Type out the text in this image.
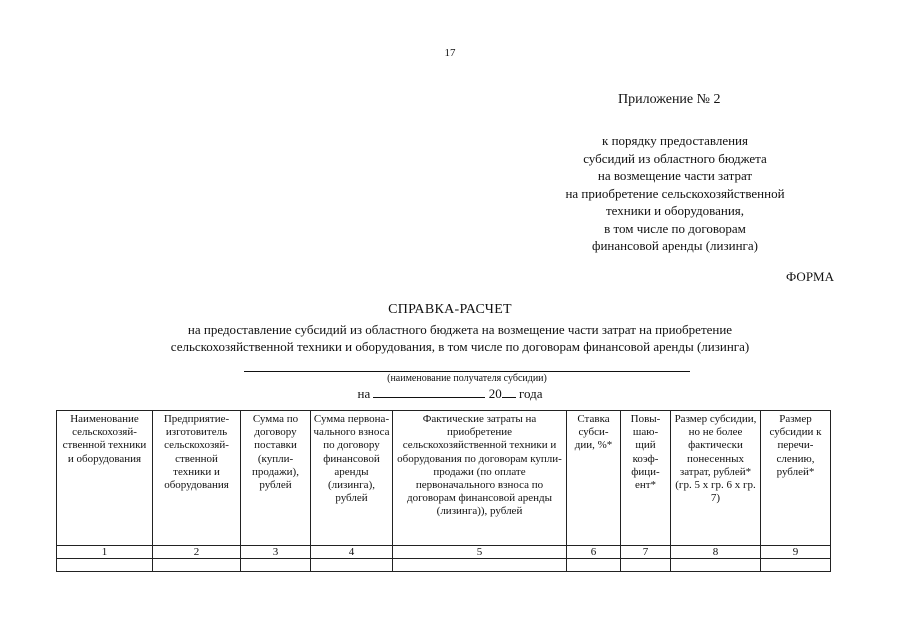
17
Приложение № 2
к порядку предоставления
субсидий из областного бюджета
на возмещение части затрат
на приобретение сельскохозяйственной
техники и оборудования,
в том числе по договорам
финансовой аренды (лизинга)
ФОРМА
СПРАВКА-РАСЧЕТ
на предоставление субсидий из областного бюджета на возмещение части затрат на приобретение
сельскохозяйственной техники и оборудования, в том числе по договорам финансовой аренды (лизинга)
(наименование получателя субсидии)
на	20 года
Наименование сельскохозяй-ственной техники и оборудования	Предприятие-изготовитель сельскохозяй-ственной техники и оборудования	Сумма по договору поставки (купли-продажи), рублей	Сумма первона-чального взноса по договору финансовой аренды (лизинга), рублей	Фактические затраты на приобретение сельскохозяйственной техники и оборудования по договорам купли-продажи (по оплате первоначального взноса по договорам финансовой аренды (лизинга)), рублей	Ставка субси-дии, %*	Повы-шаю-щий коэф-фици-ент*	Размер субсидии, но не более фактически понесенных затрат, рублей* (гр. 5 x гр. 6 x гр. 7)	Размер субсидии к перечи-слению, рублей*
1	2	3	4	5	6	7	8	9
